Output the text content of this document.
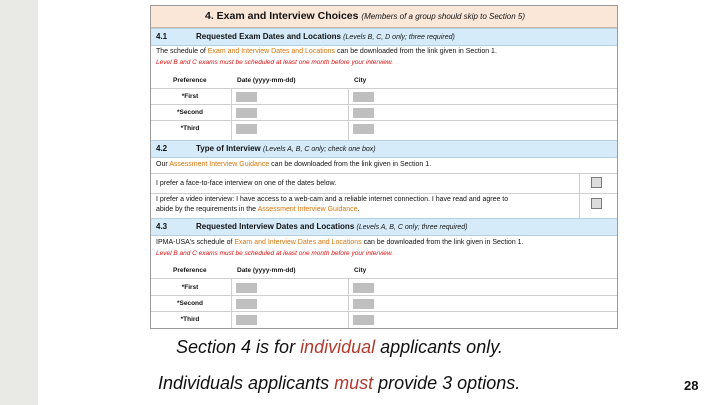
4. Exam and Interview Choices (Members of a group should skip to Section 5)
4.1	Requested Exam Dates and Locations (Levels B, C, D only; three required)
The schedule of Exam and Interview Dates and Locations can be downloaded from the link given in Section 1.
Level B and C exams must be scheduled at least one month before your interview.
Preference	Date (yyyy-mm-dd)	City
*First
*Second
*Third
4.2	Type of Interview (Levels A, B, C only; check one box)
Our Assessment Interview Guidance can be downloaded from the link given in Section 1.
I prefer a face-to-face interview on one of the dates below.
I prefer a video interview: I have access to a web-cam and a reliable internet connection. I have read and agree to
abide by the requirements in the Assessment Interview Guidance.
4.3	Requested Interview Dates and Locations (Levels A, B, C only; three required)
IPMA-USA's schedule of Exam and Interview Dates and Locations can be downloaded from the link given in Section 1.
Level B and C exams must be scheduled at least one month before your interview.
Preference	Date (yyyy-mm-dd)	City
*First
*Second
*Third
Section 4 is for individual applicants only.
Individuals applicants must provide 3 options.	28
